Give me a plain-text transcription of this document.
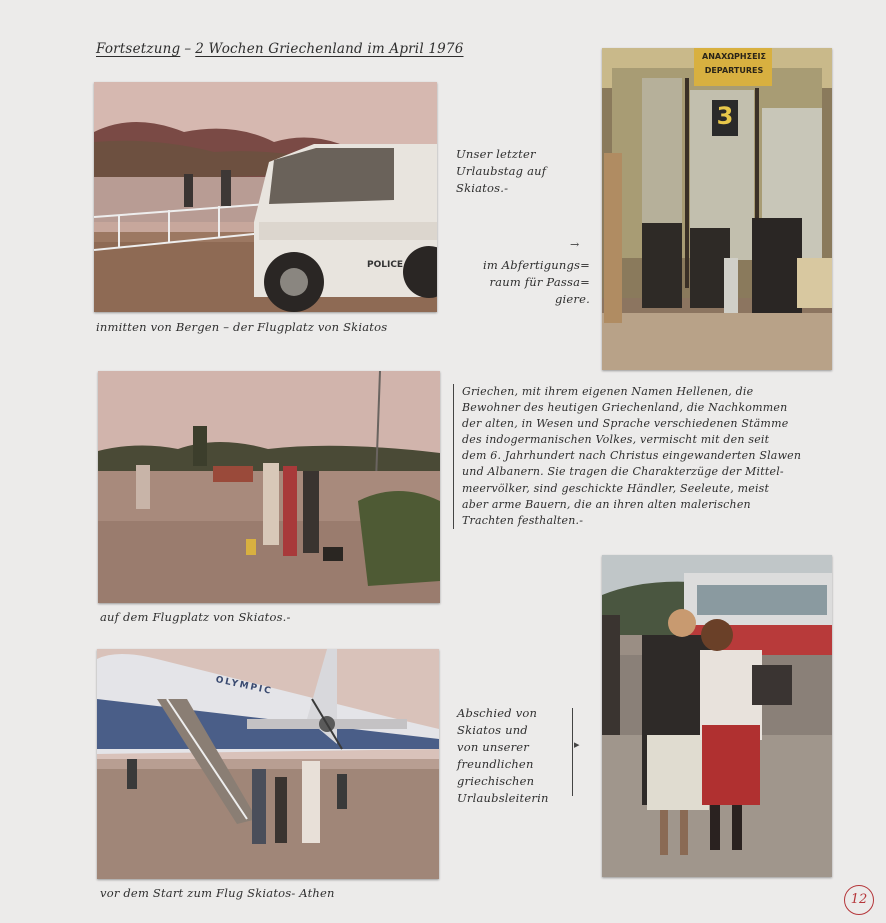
Fortsetzung – 2 Wochen Griechenland im April 1976
POLICE
inmitten von Bergen – der Flugplatz von Skiatos
Unser letzter
Urlaubstag auf
Skiatos.-
→
im Abfertigungs=
raum für Passa=
giere.
ΑΝΑΧΩΡΗΣΕΙΣ
DEPARTURES
3
auf dem Flugplatz von Skiatos.-
Griechen, mit ihrem eigenen Namen Hellenen, die
Bewohner des heutigen Griechenland, die Nachkommen
der alten, in Wesen und Sprache verschiedenen Stämme
des indogermanischen Volkes, vermischt mit den seit
dem 6. Jahrhundert nach Christus eingewanderten Slawen
und Albanern. Sie tragen die Charakterzüge der Mittel-
meervölker, sind geschickte Händler, Seeleute, meist
aber arme Bauern, die an ihren alten malerischen
Trachten festhalten.-
OLYMPIC
vor dem Start zum Flug Skiatos- Athen
Abschied von
Skiatos und
von unserer
freundlichen
griechischen
Urlaubsleiterin
▸
12
